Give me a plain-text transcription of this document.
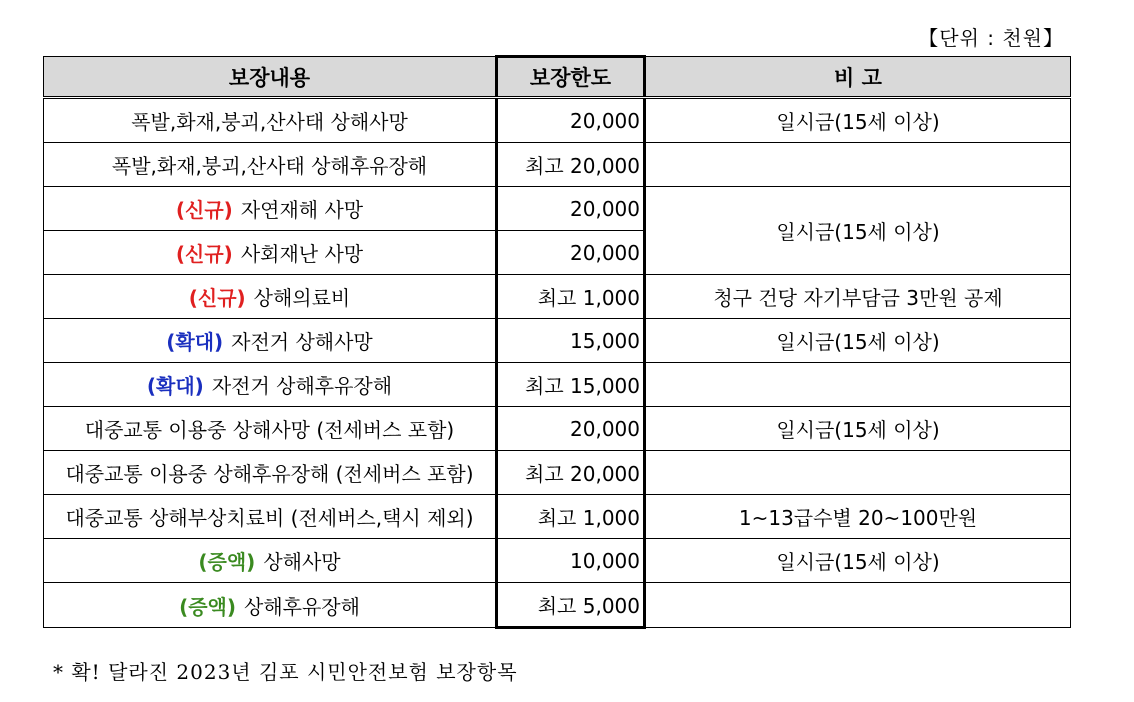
【단위 : 천원】
보장내용	보장한도	비 고
폭발,화재,붕괴,산사태 상해사망	20,000	일시금(15세 이상)
폭발,화재,붕괴,산사태 상해후유장해	최고 20,000	
(신규) 자연재해 사망	20,000	일시금(15세 이상)
(신규) 사회재난 사망	20,000	
(신규) 상해의료비	최고 1,000	청구 건당 자기부담금 3만원 공제
(확대) 자전거 상해사망	15,000	일시금(15세 이상)
(확대) 자전거 상해후유장해	최고 15,000	
대중교통 이용중 상해사망 (전세버스 포함)	20,000	일시금(15세 이상)
대중교통 이용중 상해후유장해 (전세버스 포함)	최고 20,000	
대중교통 상해부상치료비 (전세버스,택시 제외)	최고 1,000	1~13급수별 20~100만원
(증액) 상해사망	10,000	일시금(15세 이상)
(증액) 상해후유장해	최고 5,000	
* 확! 달라진 2023년 김포 시민안전보험 보장항목
